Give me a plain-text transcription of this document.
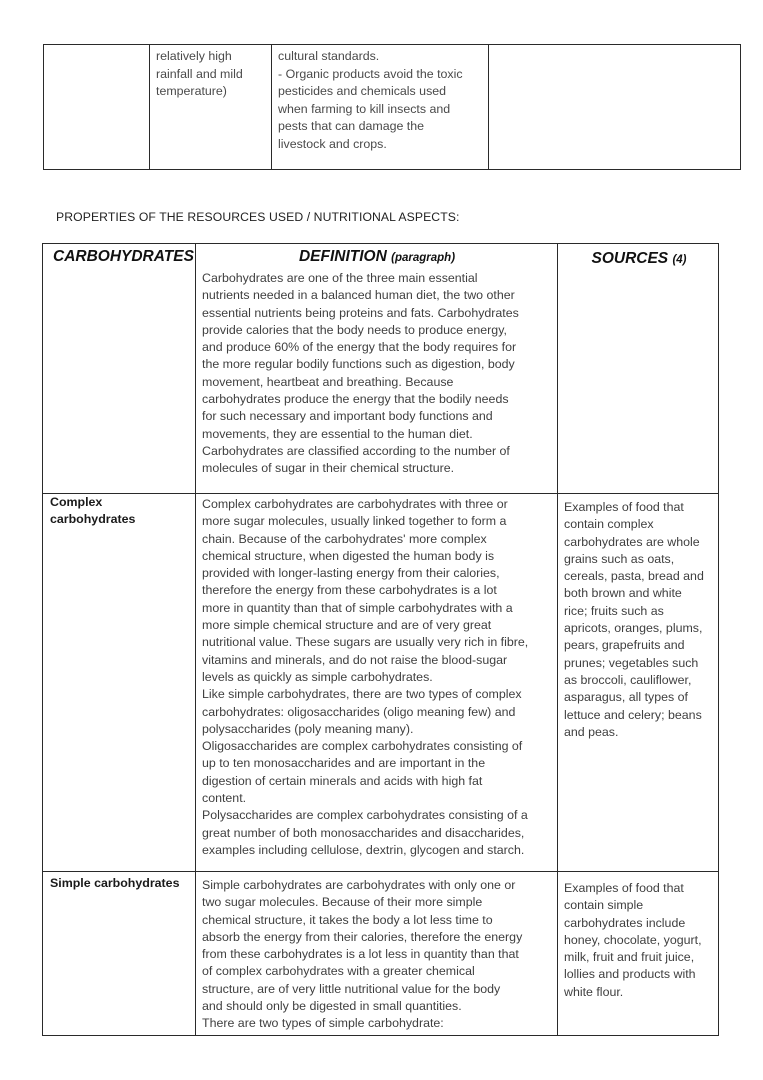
relatively high
rainfall and mild
temperature)
cultural standards.
- Organic products avoid the toxic
pesticides and chemicals used
when farming to kill insects and
pests that can damage the
livestock and crops.
PROPERTIES OF THE RESOURCES USED / NUTRITIONAL ASPECTS:
CARBOHYDRATES	DEFINITION (paragraph)	SOURCES (4)
Carbohydrates are one of the three main essential
nutrients needed in a balanced human diet, the two other
essential nutrients being proteins and fats. Carbohydrates
provide calories that the body needs to produce energy,
and produce 60% of the energy that the body requires for
the more regular bodily functions such as digestion, body
movement, heartbeat and breathing. Because
carbohydrates produce the energy that the bodily needs
for such necessary and important body functions and
movements, they are essential to the human diet.
Carbohydrates are classified according to the number of
molecules of sugar in their chemical structure.
Complex
carbohydrates
Complex carbohydrates are carbohydrates with three or
more sugar molecules, usually linked together to form a
chain. Because of the carbohydrates' more complex
chemical structure, when digested the human body is
provided with longer-lasting energy from their calories,
therefore the energy from these carbohydrates is a lot
more in quantity than that of simple carbohydrates with a
more simple chemical structure and are of very great
nutritional value. These sugars are usually very rich in fibre,
vitamins and minerals, and do not raise the blood-sugar
levels as quickly as simple carbohydrates.
Like simple carbohydrates, there are two types of complex
carbohydrates: oligosaccharides (oligo meaning few) and
polysaccharides (poly meaning many).
Oligosaccharides are complex carbohydrates consisting of
up to ten monosaccharides and are important in the
digestion of certain minerals and acids with high fat
content.
Polysaccharides are complex carbohydrates consisting of a
great number of both monosaccharides and disaccharides,
examples including cellulose, dextrin, glycogen and starch.
Examples of food that
contain complex
carbohydrates are whole
grains such as oats,
cereals, pasta, bread and
both brown and white
rice; fruits such as
apricots, oranges, plums,
pears, grapefruits and
prunes; vegetables such
as broccoli, cauliflower,
asparagus, all types of
lettuce and celery; beans
and peas.
Simple carbohydrates Simple carbohydrates are carbohydrates with only one or
two sugar molecules. Because of their more simple
chemical structure, it takes the body a lot less time to
absorb the energy from their calories, therefore the energy
from these carbohydrates is a lot less in quantity than that
of complex carbohydrates with a greater chemical
structure, are of very little nutritional value for the body
and should only be digested in small quantities.
There are two types of simple carbohydrate:
Examples of food that
contain simple
carbohydrates include
honey, chocolate, yogurt,
milk, fruit and fruit juice,
lollies and products with
white flour.
